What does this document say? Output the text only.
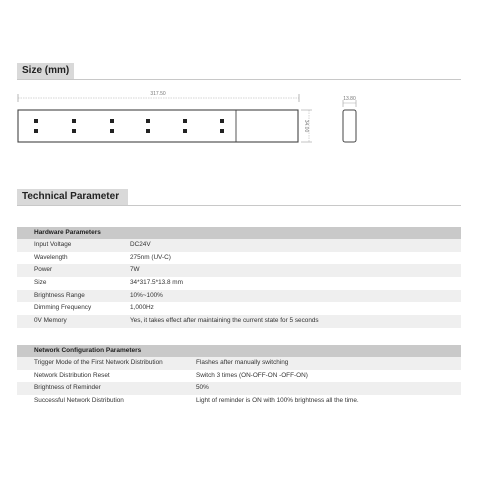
Size (mm)
317.50
34.00
13.80
Technical Parameter
Hardware Parameters
Input Voltage	DC24V
Wavelength	275nm (UV-C)
Power	7W
Size	34*317.5*13.8 mm
Brightness Range	10%~100%
Dimming Frequency	1,000Hz
0V Memory	Yes, it takes effect after maintaining the current state for 5 seconds
Network Configuration Parameters
Trigger Mode of the First Network Distribution	Flashes after manually switching
Network Distribution Reset	Switch 3 times (ON-OFF-ON -OFF-ON)
Brightness of Reminder	50%
Successful Network Distribution	Light of reminder is ON with 100% brightness all the time.
